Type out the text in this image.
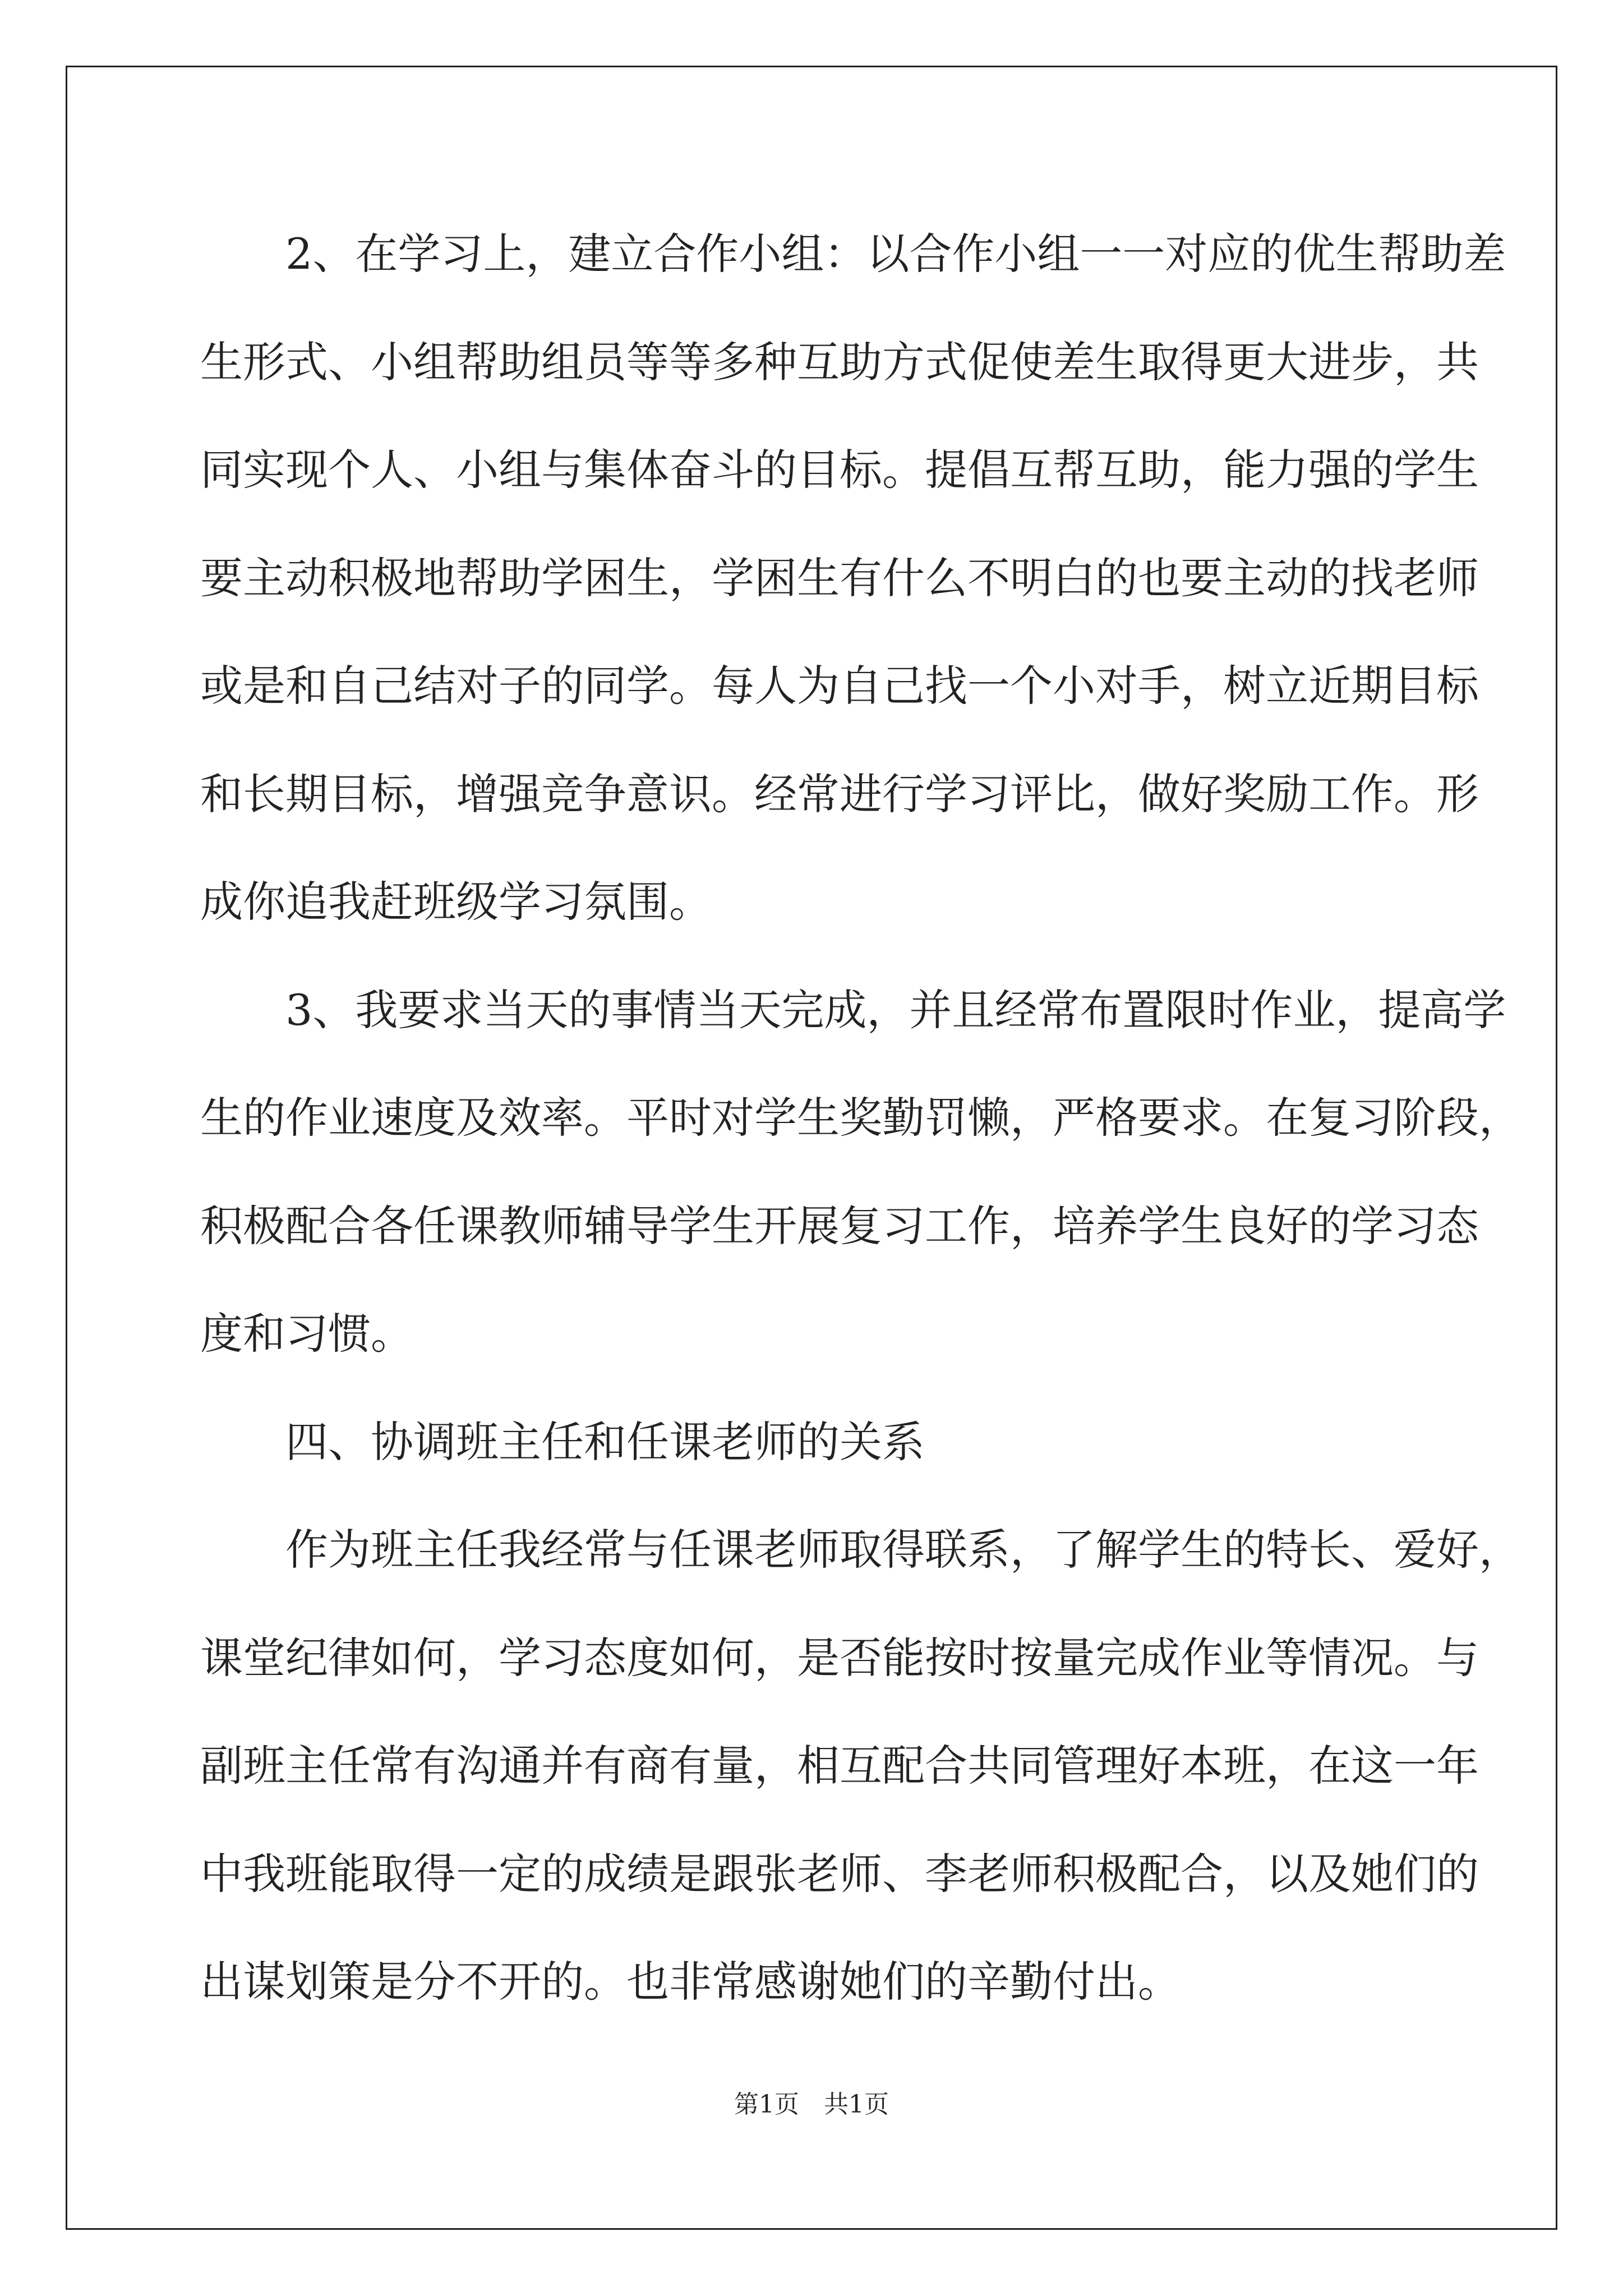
　　2、在学习上，建立合作小组：以合作小组一一对应的优生帮助差
生形式、小组帮助组员等等多种互助方式促使差生取得更大进步，共
同实现个人、小组与集体奋斗的目标。提倡互帮互助，能力强的学生
要主动积极地帮助学困生，学困生有什么不明白的也要主动的找老师
或是和自己结对子的同学。每人为自己找一个小对手，树立近期目标
和长期目标，增强竞争意识。经常进行学习评比，做好奖励工作。形
成你追我赶班级学习氛围。
　　3、我要求当天的事情当天完成，并且经常布置限时作业，提高学
生的作业速度及效率。平时对学生奖勤罚懒，严格要求。在复习阶段，
积极配合各任课教师辅导学生开展复习工作，培养学生良好的学习态
度和习惯。
　　四、协调班主任和任课老师的关系
　　作为班主任我经常与任课老师取得联系，了解学生的特长、爱好，
课堂纪律如何，学习态度如何，是否能按时按量完成作业等情况。与
副班主任常有沟通并有商有量，相互配合共同管理好本班，在这一年
中我班能取得一定的成绩是跟张老师、李老师积极配合，以及她们的
出谋划策是分不开的。也非常感谢她们的辛勤付出。
第1页　共1页
